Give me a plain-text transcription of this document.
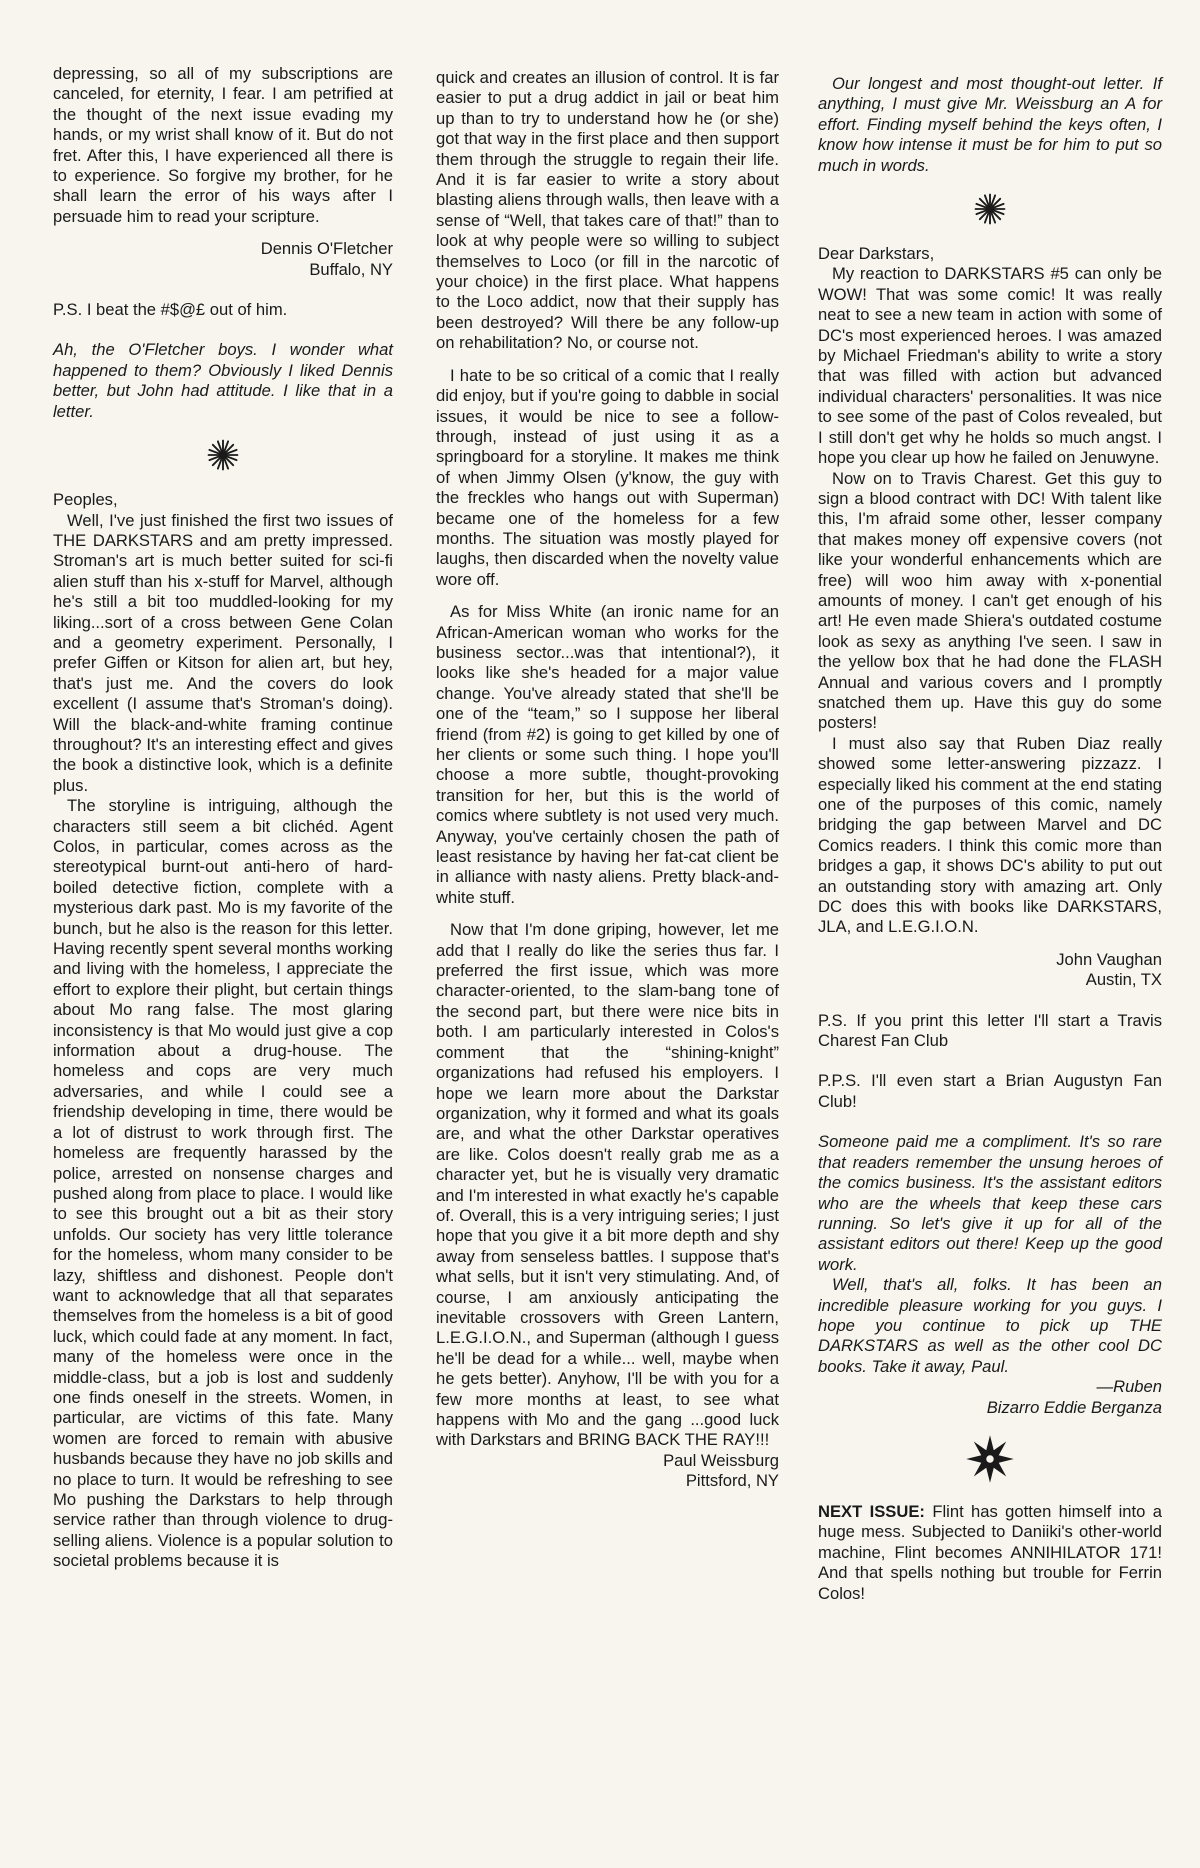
depressing, so all of my subscriptions are canceled, for eternity, I fear. I am petrified at the thought of the next issue evading my hands, or my wrist shall know of it. But do not fret. After this, I have experienced all there is to experience. So forgive my brother, for he shall learn the error of his ways after I persuade him to read your scripture.

Dennis O'Fletcher

Buffalo, NY

P.S. I beat the #$@£ out of him.

Ah, the O'Fletcher boys. I wonder what happened to them? Obviously I liked Dennis better, but John had attitude. I like that in a letter.

Peoples,

Well, I've just finished the first two issues of THE DARKSTARS and am pretty impressed. Stroman's art is much better suited for sci-fi alien stuff than his x-stuff for Marvel, although he's still a bit too muddled-looking for my liking...sort of a cross between Gene Colan and a geometry experiment. Personally, I prefer Giffen or Kitson for alien art, but hey, that's just me. And the covers do look excellent (I assume that's Stroman's doing). Will the black-and-white framing continue throughout? It's an interesting effect and gives the book a distinctive look, which is a definite plus.

The storyline is intriguing, although the characters still seem a bit clichéd. Agent Colos, in particular, comes across as the stereotypical burnt-out anti-hero of hard-boiled detective fiction, complete with a mysterious dark past. Mo is my favorite of the bunch, but he also is the reason for this letter. Having recently spent several months working and living with the homeless, I appreciate the effort to explore their plight, but certain things about Mo rang false. The most glaring inconsistency is that Mo would just give a cop information about a drug-house. The homeless and cops are very much adversaries, and while I could see a friendship developing in time, there would be a lot of distrust to work through first. The homeless are frequently harassed by the police, arrested on nonsense charges and pushed along from place to place. I would like to see this brought out a bit as their story unfolds. Our society has very little tolerance for the homeless, whom many consider to be lazy, shiftless and dishonest. People don't want to acknowledge that all that separates themselves from the homeless is a bit of good luck, which could fade at any moment. In fact, many of the homeless were once in the middle-class, but a job is lost and suddenly one finds oneself in the streets. Women, in particular, are victims of this fate. Many women are forced to remain with abusive husbands because they have no job skills and no place to turn. It would be refreshing to see Mo pushing the Darkstars to help through service rather than through violence to drug-selling aliens. Violence is a popular solution to societal problems because it is

quick and creates an illusion of control. It is far easier to put a drug addict in jail or beat him up than to try to understand how he (or she) got that way in the first place and then support them through the struggle to regain their life. And it is far easier to write a story about blasting aliens through walls, then leave with a sense of “Well, that takes care of that!” than to look at why people were so willing to subject themselves to Loco (or fill in the narcotic of your choice) in the first place. What happens to the Loco addict, now that their supply has been destroyed? Will there be any follow-up on rehabilitation? No, or course not.

I hate to be so critical of a comic that I really did enjoy, but if you're going to dabble in social issues, it would be nice to see a follow-through, instead of just using it as a springboard for a storyline. It makes me think of when Jimmy Olsen (y'know, the guy with the freckles who hangs out with Superman) became one of the homeless for a few months. The situation was mostly played for laughs, then discarded when the novelty value wore off.

As for Miss White (an ironic name for an African-American woman who works for the business sector...was that intentional?), it looks like she's headed for a major value change. You've already stated that she'll be one of the “team,” so I suppose her liberal friend (from #2) is going to get killed by one of her clients or some such thing. I hope you'll choose a more subtle, thought-provoking transition for her, but this is the world of comics where subtlety is not used very much. Anyway, you've certainly chosen the path of least resistance by having her fat-cat client be in alliance with nasty aliens. Pretty black-and-white stuff.

Now that I'm done griping, however, let me add that I really do like the series thus far. I preferred the first issue, which was more character-oriented, to the slam-bang tone of the second part, but there were nice bits in both. I am particularly interested in Colos's comment that the “shining-knight” organizations had refused his employers. I hope we learn more about the Darkstar organization, why it formed and what its goals are, and what the other Darkstar operatives are like. Colos doesn't really grab me as a character yet, but he is visually very dramatic and I'm interested in what exactly he's capable of. Overall, this is a very intriguing series; I just hope that you give it a bit more depth and shy away from senseless battles. I suppose that's what sells, but it isn't very stimulating. And, of course, I am anxiously anticipating the inevitable crossovers with Green Lantern, L.E.G.I.O.N., and Superman (although I guess he'll be dead for a while... well, maybe when he gets better). Anyhow, I'll be with you for a few more months at least, to see what happens with Mo and the gang ...good luck with Darkstars and BRING BACK THE RAY!!!

Paul Weissburg

Pittsford, NY

Our longest and most thought-out letter. If anything, I must give Mr. Weissburg an A for effort. Finding myself behind the keys often, I know how intense it must be for him to put so much in words.

Dear Darkstars,

My reaction to DARKSTARS #5 can only be WOW! That was some comic! It was really neat to see a new team in action with some of DC's most experienced heroes. I was amazed by Michael Friedman's ability to write a story that was filled with action but advanced individual characters' personalities. It was nice to see some of the past of Colos revealed, but I still don't get why he holds so much angst. I hope you clear up how he failed on Jenuwyne.

Now on to Travis Charest. Get this guy to sign a blood contract with DC! With talent like this, I'm afraid some other, lesser company that makes money off expensive covers (not like your wonderful enhancements which are free) will woo him away with x-ponential amounts of money. I can't get enough of his art! He even made Shiera's outdated costume look as sexy as anything I've seen. I saw in the yellow box that he had done the FLASH Annual and various covers and I promptly snatched them up. Have this guy do some posters!

I must also say that Ruben Diaz really showed some letter-answering pizzazz. I especially liked his comment at the end stating one of the purposes of this comic, namely bridging the gap between Marvel and DC Comics readers. I think this comic more than bridges a gap, it shows DC's ability to put out an outstanding story with amazing art. Only DC does this with books like DARKSTARS, JLA, and L.E.G.I.O.N.

John Vaughan

Austin, TX

P.S. If you print this letter I'll start a Travis Charest Fan Club

P.P.S. I'll even start a Brian Augustyn Fan Club!

Someone paid me a compliment. It's so rare that readers remember the unsung heroes of the comics business. It's the assistant editors who are the wheels that keep these cars running. So let's give it up for all of the assistant editors out there! Keep up the good work.

Well, that's all, folks. It has been an incredible pleasure working for you guys. I hope you continue to pick up THE DARKSTARS as well as the other cool DC books. Take it away, Paul.

—Ruben

Bizarro Eddie Berganza

NEXT ISSUE: Flint has gotten himself into a huge mess. Subjected to Daniiki's other-world machine, Flint becomes ANNIHILATOR 171! And that spells nothing but trouble for Ferrin Colos!
